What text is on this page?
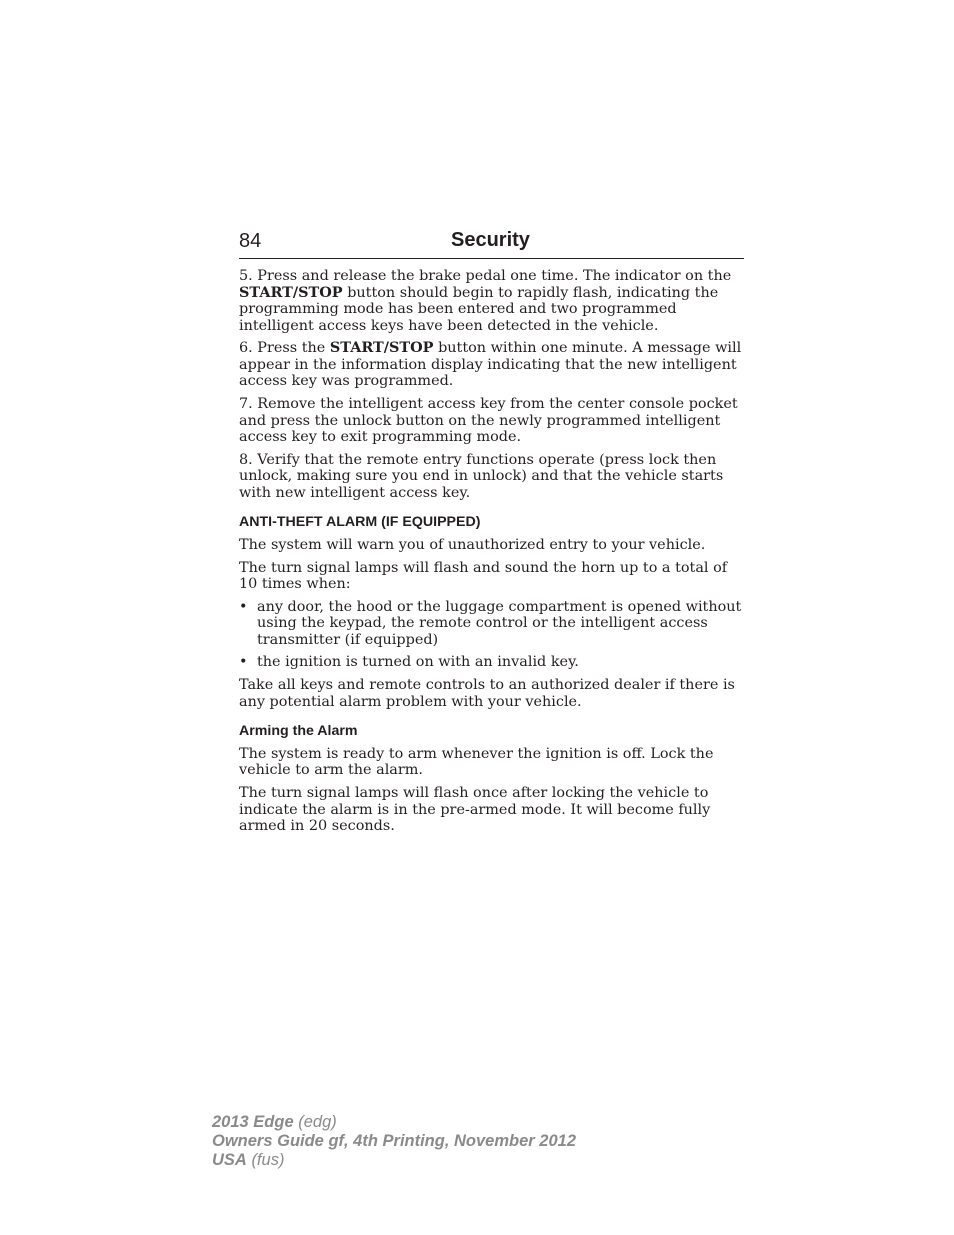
84	Security

5. Press and release the brake pedal one time. The indicator on the START/STOP button should begin to rapidly flash, indicating the programming mode has been entered and two programmed intelligent access keys have been detected in the vehicle.

6. Press the START/STOP button within one minute. A message will appear in the information display indicating that the new intelligent access key was programmed.

7. Remove the intelligent access key from the center console pocket and press the unlock button on the newly programmed intelligent access key to exit programming mode.

8. Verify that the remote entry functions operate (press lock then unlock, making sure you end in unlock) and that the vehicle starts with new intelligent access key.

ANTI-THEFT ALARM (IF EQUIPPED)

The system will warn you of unauthorized entry to your vehicle.

The turn signal lamps will flash and sound the horn up to a total of 10 times when:

• any door, the hood or the luggage compartment is opened without using the keypad, the remote control or the intelligent access transmitter (if equipped)
• the ignition is turned on with an invalid key.

Take all keys and remote controls to an authorized dealer if there is any potential alarm problem with your vehicle.

Arming the Alarm

The system is ready to arm whenever the ignition is off. Lock the vehicle to arm the alarm.

The turn signal lamps will flash once after locking the vehicle to indicate the alarm is in the pre-armed mode. It will become fully armed in 20 seconds.

2013 Edge (edg)
Owners Guide gf, 4th Printing, November 2012
USA (fus)
